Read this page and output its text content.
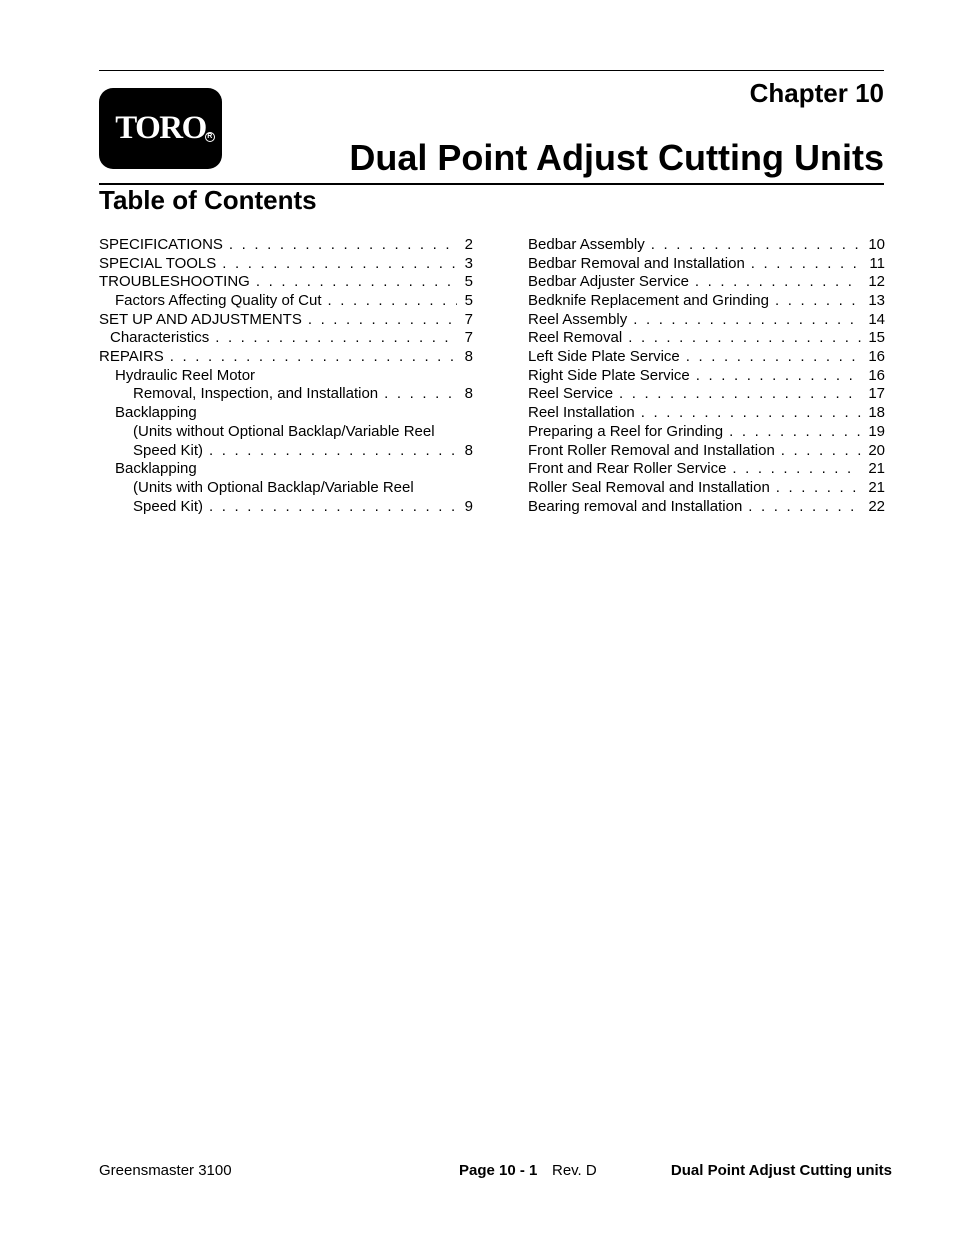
TORO R
Chapter 10
Dual Point Adjust Cutting Units
Table of Contents
SPECIFICATIONS . . .	2
SPECIAL TOOLS . . .	3
TROUBLESHOOTING . . .	5
Factors Affecting Quality of Cut . . .	5
SET UP AND ADJUSTMENTS . . .	7
Characteristics . . .	7
REPAIRS . . .	8
Hydraulic Reel Motor
Removal, Inspection, and Installation . . .	8
Backlapping
(Units without Optional Backlap/Variable Reel
Speed Kit) . . .	8
Backlapping
(Units with Optional Backlap/Variable Reel
Speed Kit) . . .	9
Bedbar Assembly . . .	10
Bedbar Removal and Installation . . .	11
Bedbar Adjuster Service . . .	12
Bedknife Replacement and Grinding . . .	13
Reel Assembly . . .	14
Reel Removal . . .	15
Left Side Plate Service . . .	16
Right Side Plate Service . . .	16
Reel Service . . .	17
Reel Installation . . .	18
Preparing a Reel for Grinding . . .	19
Front Roller Removal and Installation . . .	20
Front and Rear Roller Service . . .	21
Roller Seal Removal and Installation . . .	21
Bearing removal and Installation . . .	22
Greensmaster 3100	Page 10 - 1 Rev. D	Dual Point Adjust Cutting units
